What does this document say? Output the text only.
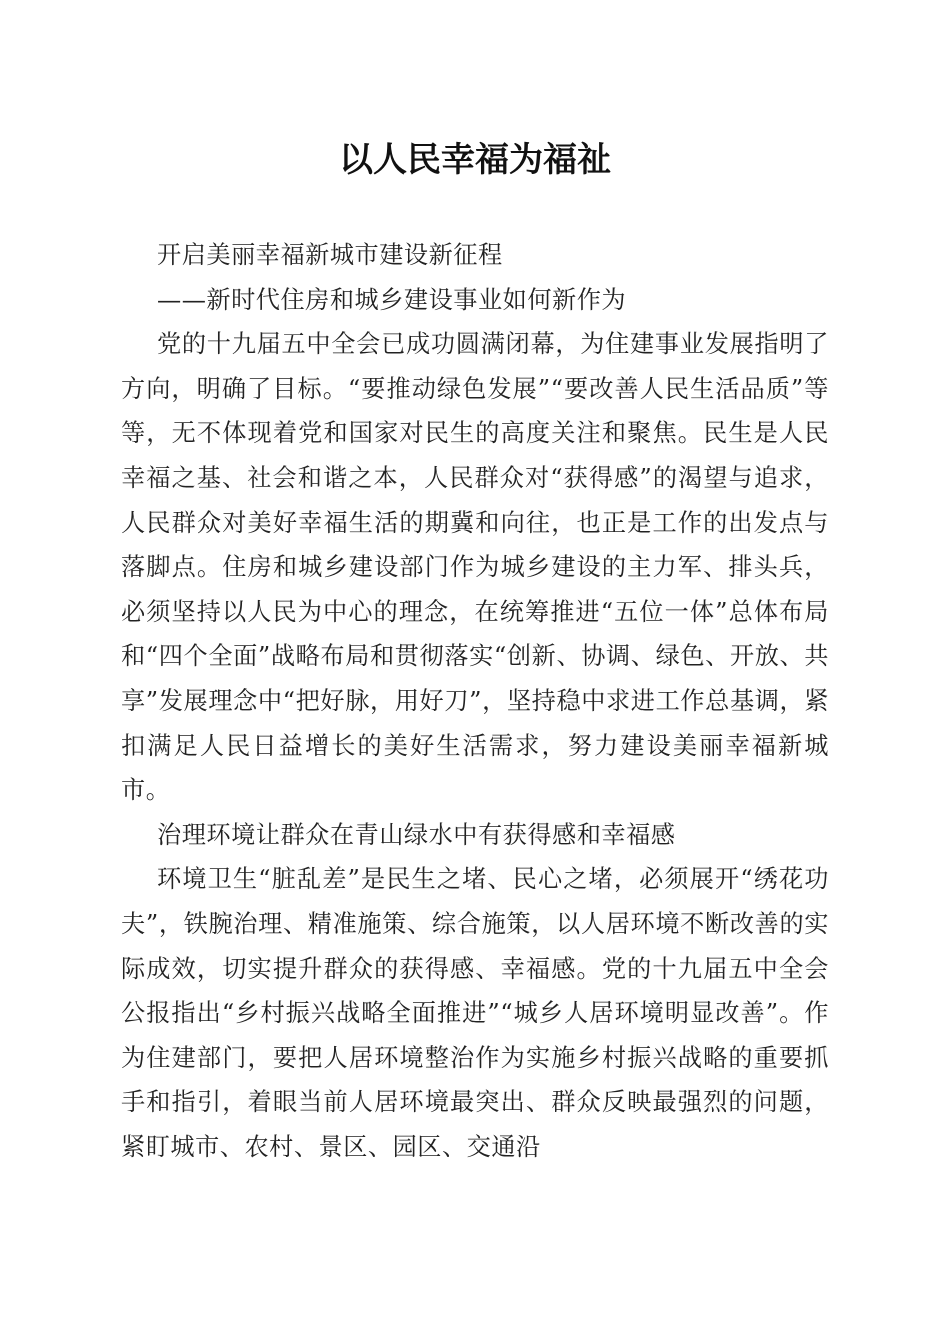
以人民幸福为福祉

开启美丽幸福新城市建设新征程

——新时代住房和城乡建设事业如何新作为

党的十九届五中全会已成功圆满闭幕，为住建事业发展指明了方向，明确了目标。“要推动绿色发展”“要改善人民生活品质”等等，无不体现着党和国家对民生的高度关注和聚焦。民生是人民幸福之基、社会和谐之本，人民群众对“获得感”的渴望与追求，人民群众对美好幸福生活的期冀和向往，也正是工作的出发点与落脚点。住房和城乡建设部门作为城乡建设的主力军、排头兵，必须坚持以人民为中心的理念，在统筹推进“五位一体”总体布局和“四个全面”战略布局和贯彻落实“创新、协调、绿色、开放、共享”发展理念中“把好脉，用好刀”，坚持稳中求进工作总基调，紧扣满足人民日益增长的美好生活需求，努力建设美丽幸福新城市。

治理环境让群众在青山绿水中有获得感和幸福感

环境卫生“脏乱差”是民生之堵、民心之堵，必须展开“绣花功夫”，铁腕治理、精准施策、综合施策，以人居环境不断改善的实际成效，切实提升群众的获得感、幸福感。党的十九届五中全会公报指出“乡村振兴战略全面推进”“城乡人居环境明显改善”。作为住建部门，要把人居环境整治作为实施乡村振兴战略的重要抓手和指引，着眼当前人居环境最突出、群众反映最强烈的问题，紧盯城市、农村、景区、园区、交通沿
